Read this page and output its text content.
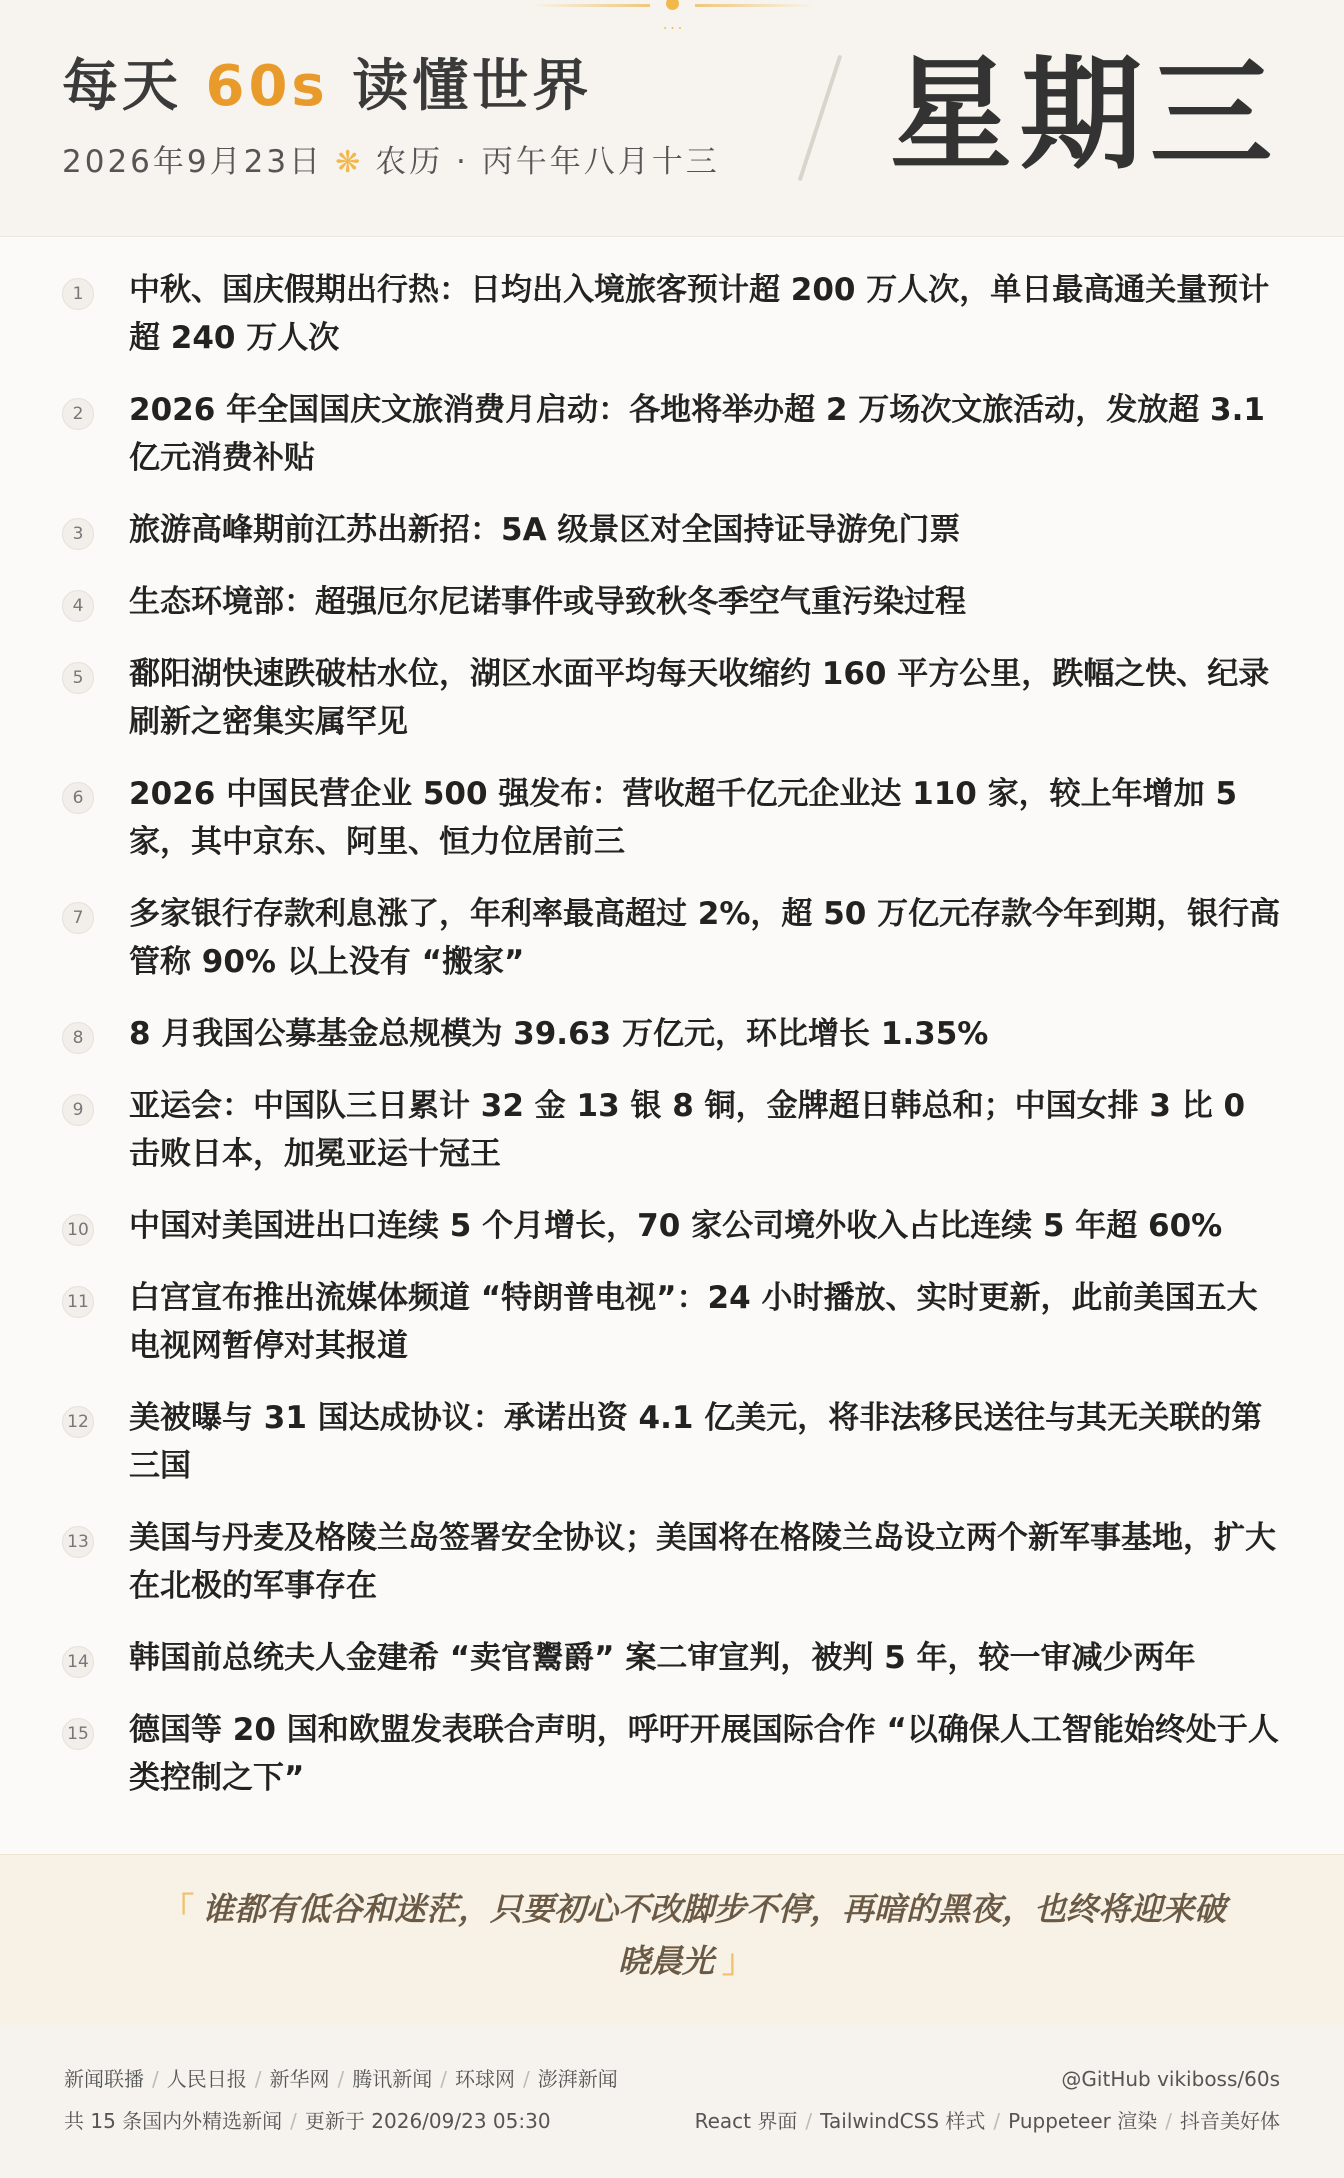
···
每天 60s 读懂世界
2026年9月23日 ❋ 农历 · 丙午年八月十三 星期三
1	中秋、国庆假期出行热：日均出入境旅客预计超 200 万人次，单日最高通关量预计超 240 万人次
2	2026 年全国国庆文旅消费月启动：各地将举办超 2 万场次文旅活动，发放超 3.1 亿元消费补贴
3	旅游高峰期前江苏出新招：5A 级景区对全国持证导游免门票
4	生态环境部：超强厄尔尼诺事件或导致秋冬季空气重污染过程
5	鄱阳湖快速跌破枯水位，湖区水面平均每天收缩约 160 平方公里，跌幅之快、纪录刷新之密集实属罕见
6	2026 中国民营企业 500 强发布：营收超千亿元企业达 110 家，较上年增加 5 家，其中京东、阿里、恒力位居前三
7	多家银行存款利息涨了，年利率最高超过 2%，超 50 万亿元存款今年到期，银行高管称 90% 以上没有 “搬家”
8	8 月我国公募基金总规模为 39.63 万亿元，环比增长 1.35%
9	亚运会：中国队三日累计 32 金 13 银 8 铜，金牌超日韩总和；中国女排 3 比 0 击败日本，加冕亚运十冠王
10 中国对美国进出口连续 5 个月增长，70 家公司境外收入占比连续 5 年超 60%
11 白宫宣布推出流媒体频道 “特朗普电视”：24 小时播放、实时更新，此前美国五大电视网暂停对其报道
12 美被曝与 31 国达成协议：承诺出资 4.1 亿美元，将非法移民送往与其无关联的第三国
13 美国与丹麦及格陵兰岛签署安全协议；美国将在格陵兰岛设立两个新军事基地，扩大在北极的军事存在
14 韩国前总统夫人金建希 “卖官鬻爵” 案二审宣判，被判 5 年，较一审减少两年
15 德国等 20 国和欧盟发表联合声明，呼吁开展国际合作 “以确保人工智能始终处于人类控制之下”
「 谁都有低谷和迷茫，只要初心不改脚步不停，再暗的黑夜，也终将迎来破晓晨光 」
新闻联播 / 人民日报 / 新华网 / 腾讯新闻 / 环球网 / 澎湃新闻
共 15 条国内外精选新闻 / 更新于 2026/09/23 05:30
@GitHub vikiboss/60s
React 界面 / TailwindCSS 样式 / Puppeteer 渲染 / 抖音美好体
